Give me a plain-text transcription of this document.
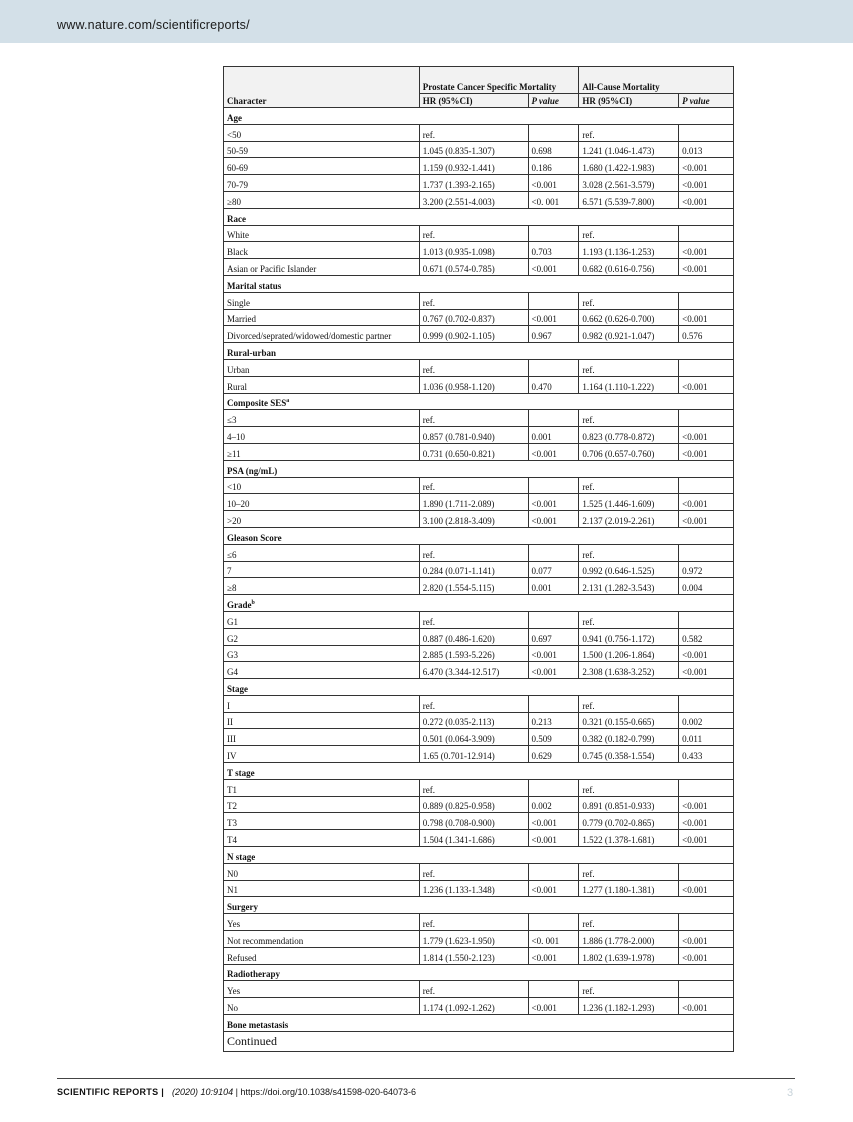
www.nature.com/scientificreports/
Character	Prostate Cancer Specific Mortality		All-Cause Mortality	
	HR (95%CI)	P value	HR (95%CI)	P value
Age				
<50	ref.		ref.	
50-59	1.045 (0.835-1.307)	0.698	1.241 (1.046-1.473)	0.013
60-69	1.159 (0.932-1.441)	0.186	1.680 (1.422-1.983)	<0.001
70-79	1.737 (1.393-2.165)	<0.001	3.028 (2.561-3.579)	<0.001
≥80	3.200 (2.551-4.003)	<0. 001	6.571 (5.539-7.800)	<0.001
Race				
White	ref.		ref.	
Black	1.013 (0.935-1.098)	0.703	1.193 (1.136-1.253)	<0.001
Asian or Pacific Islander	0.671 (0.574-0.785)	<0.001	0.682 (0.616-0.756)	<0.001
Marital status				
Single	ref.		ref.	
Married	0.767 (0.702-0.837)	<0.001	0.662 (0.626-0.700)	<0.001
Divorced/seprated/widowed/domestic partner	0.999 (0.902-1.105)	0.967	0.982 (0.921-1.047)	0.576
Rural-urban				
Urban	ref.		ref.	
Rural	1.036 (0.958-1.120)	0.470	1.164 (1.110-1.222)	<0.001
Composite $SES^a$
≤3	ref.		ref.	
4–10	0.857 (0.781-0.940)	0.001	0.823 (0.778-0.872)	<0.001
≥11	0.731 (0.650-0.821)	<0.001	0.706 (0.657-0.760)	<0.001
PSA (ng/mL)				
<10	ref.		ref.	
10–20	1.890 (1.711-2.089)	<0.001	1.525 (1.446-1.609)	<0.001
>20	3.100 (2.818-3.409)	<0.001	2.137 (2.019-2.261)	<0.001
Gleason Score				
≤6	ref.		ref.	
7	0.284 (0.071-1.141)	0.077	0.992 (0.646-1.525)	0.972
≥8	2.820 (1.554-5.115)	0.001	2.131 (1.282-3.543)	0.004
Grade$^b$
G1	ref.		ref.	
G2	0.887 (0.486-1.620)	0.697	0.941 (0.756-1.172)	0.582
G3	2.885 (1.593-5.226)	<0.001	1.500 (1.206-1.864)	<0.001
G4	6.470 (3.344-12.517)	<0.001	2.308 (1.638-3.252)	<0.001
Stage				
I	ref.		ref.	
II	0.272 (0.035-2.113)	0.213	0.321 (0.155-0.665)	0.002
III	0.501 (0.064-3.909)	0.509	0.382 (0.182-0.799)	0.011
IV	1.65 (0.701-12.914)	0.629	0.745 (0.358-1.554)	0.433
T stage				
T1	ref.		ref.	
T2	0.889 (0.825-0.958)	0.002	0.891 (0.851-0.933)	<0.001
T3	0.798 (0.708-0.900)	<0.001	0.779 (0.702-0.865)	<0.001
T4	1.504 (1.341-1.686)	<0.001	1.522 (1.378-1.681)	<0.001
N stage				
N0	ref.		ref.	
N1	1.236 (1.133-1.348)	<0.001	1.277 (1.180-1.381)	<0.001
Surgery				
Yes	ref.		ref.	
Not recommendation	1.779 (1.623-1.950)	<0. 001	1.886 (1.778-2.000)	<0.001
Refused	1.814 (1.550-2.123)	<0.001	1.802 (1.639-1.978)	<0.001
Radiotherapy				
Yes	ref.		ref.	
No	1.174 (1.092-1.262)	<0.001	1.236 (1.182-1.293)	<0.001
Bone metastasis				
Continued				
SCIENTIFIC REPORTS | (2020) 10:9104 | https://doi.org/10.1038/s41598-020-64073-6	3
